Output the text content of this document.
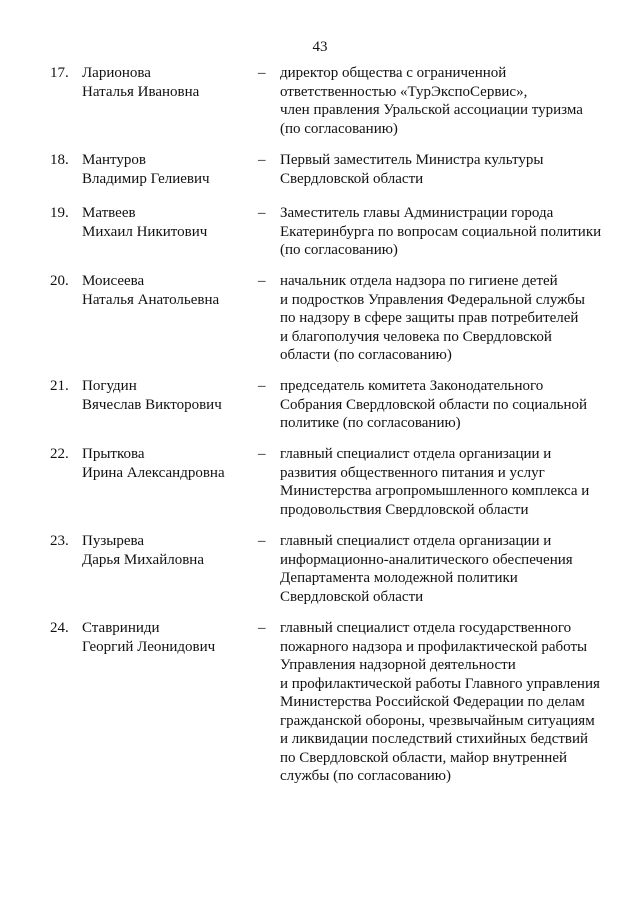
43
17. Ларионова
Наталья Ивановна
– директор общества с ограниченной
ответственностью «ТурЭкспоСервис»,
член правления Уральской ассоциации туризма
(по согласованию)
18. Мантуров
Владимир Гелиевич
– Первый заместитель Министра культуры
Свердловской области
19. Матвеев
Михаил Никитович
– Заместитель главы Администрации города
Екатеринбурга по вопросам социальной политики
(по согласованию)
20. Моисеева
Наталья Анатольевна
– начальник отдела надзора по гигиене детей
и подростков Управления Федеральной службы
по надзору в сфере защиты прав потребителей
и благополучия человека по Свердловской
области (по согласованию)
21. Погудин
Вячеслав Викторович
– председатель комитета Законодательного
Собрания Свердловской области по социальной
политике (по согласованию)
22. Прыткова
Ирина Александровна
– главный специалист отдела организации и
развития общественного питания и услуг
Министерства агропромышленного комплекса и
продовольствия Свердловской области
23. Пузырева
Дарья Михайловна
– главный специалист отдела организации и
информационно-аналитического обеспечения
Департамента молодежной политики
Свердловской области
24. Ставриниди
Георгий Леонидович
– главный специалист отдела государственного
пожарного надзора и профилактической работы
Управления надзорной деятельности
и профилактической работы Главного управления
Министерства Российской Федерации по делам
гражданской обороны, чрезвычайным ситуациям
и ликвидации последствий стихийных бедствий
по Свердловской области, майор внутренней
службы (по согласованию)
